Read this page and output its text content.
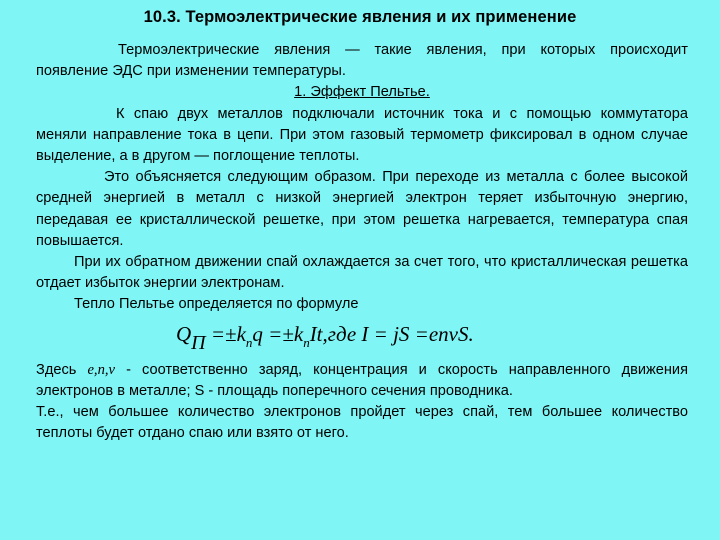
10.3. Термоэлектрические явления и их применение

Термоэлектрические явления — такие явления, при которых происходит появление ЭДС при изменении температуры.

1. Эффект Пельтье.

К спаю двух металлов подключали источник тока и с помощью коммутатора меняли направление тока в цепи. При этом газовый термометр фиксировал в одном случае выделение, а в другом — поглощение теплоты.

Это объясняется следующим образом. При переходе из металла с более высокой средней энергией в металл с низкой энергией электрон теряет избыточную энергию, передавая ее кристаллической решетке, при этом решетка нагревается, температура спая повышается.

При их обратном движении спай охлаждается за счет того, что кристаллическая решетка отдает избыток энергии электронам.

Тепло Пельтье определяется по формуле

$Q_П =\pm k_пq =\pm k_пIt,где$ I = jS =envS.

Здесь e,n,v - соответственно заряд, концентрация и скорость направленного движения электронов в металле; S - площадь поперечного сечения проводника.

Т.е., чем большее количество электронов пройдет через спай, тем большее количество теплоты будет отдано спаю или взято от него.
